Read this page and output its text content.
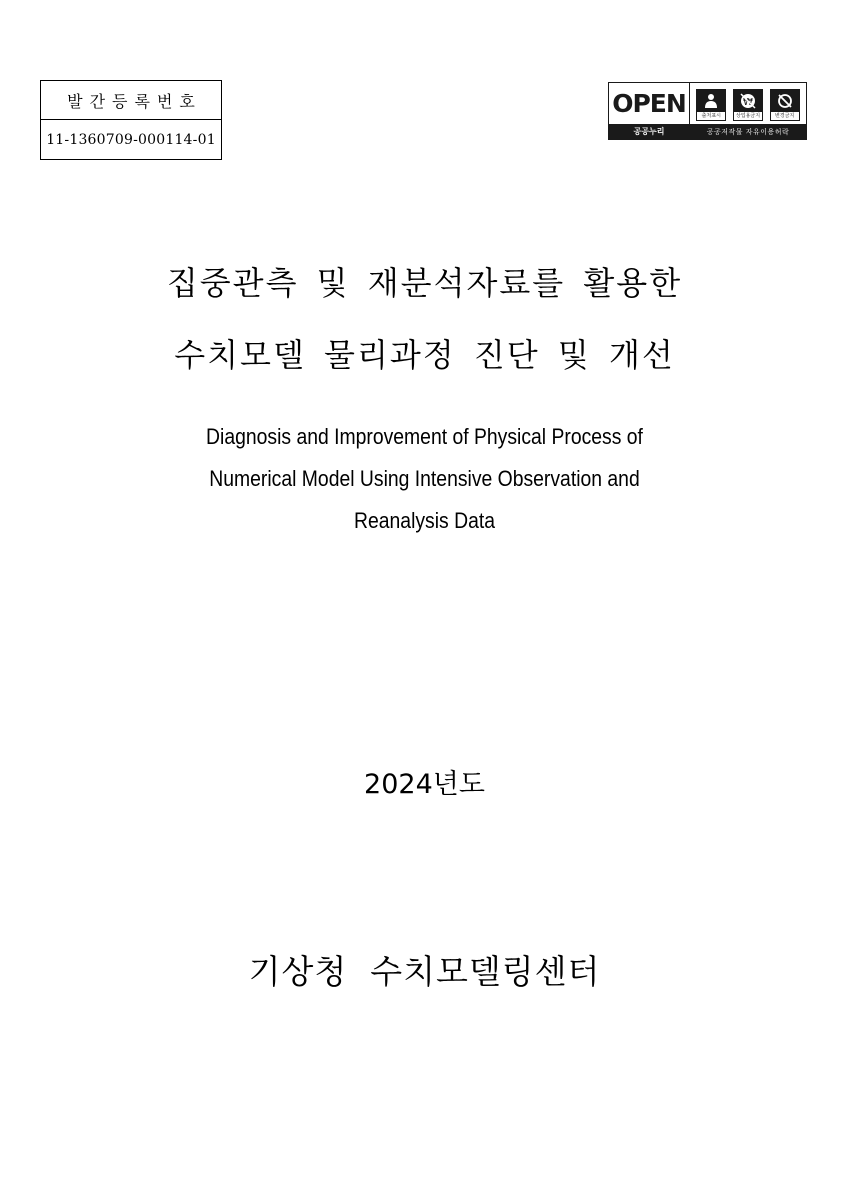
발간등록번호
11-1360709-000114-01
OPEN
공공누리
출처표시
₩
상업용금지	변경금지
공공저작물 자유이용허락
집중관측 및 재분석자료를 활용한
수치모델 물리과정 진단 및 개선
Diagnosis and Improvement of Physical Process of
Numerical Model Using Intensive Observation and
Reanalysis Data
2024년도
기상청  수치모델링센터
